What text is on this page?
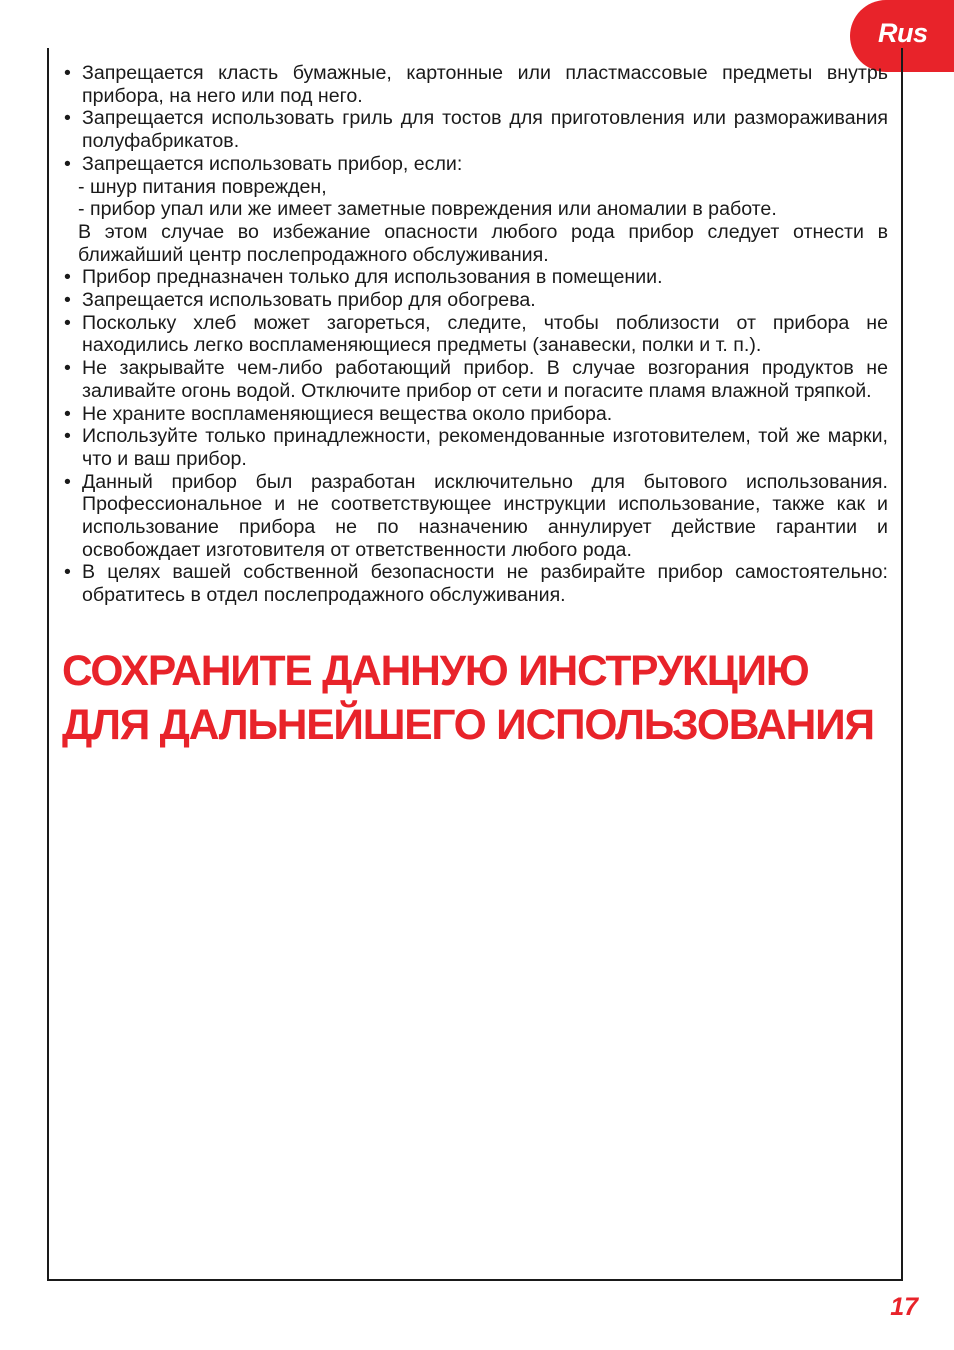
Rus
• Запрещается класть бумажные, картонные или пластмассовые предметы внутрь прибора, на него или под него.
• Запрещается использовать гриль для тостов для приготовления или размораживания полуфабрикатов.
• Запрещается использовать прибор, если:
- шнур питания поврежден,
- прибор упал или же имеет заметные повреждения или аномалии в работе.
В этом случае во избежание опасности любого рода прибор следует отнести в ближайший центр послепродажного обслуживания.
• Прибор предназначен только для использования в помещении.
• Запрещается использовать прибор для обогрева.
• Поскольку хлеб может загореться, следите, чтобы поблизости от прибора не находились легко воспламеняющиеся предметы (занавески, полки и т. п.).
• Не закрывайте чем-либо работающий прибор. В случае возгорания продуктов не заливайте огонь водой. Отключите прибор от сети и погасите пламя влажной тряпкой.
• Не храните воспламеняющиеся вещества около прибора.
• Используйте только принадлежности, рекомендованные изготовителем, той же марки, что и ваш прибор.
• Данный прибор был разработан исключительно для бытового использования. Профессиональное и не соответствующее инструкции использование, также как и использование прибора не по назначению аннулирует действие гарантии и освобождает изготовителя от ответственности любого рода.
• В целях вашей собственной безопасности не разбирайте прибор самостоятельно: обратитесь в отдел послепродажного обслуживания.
СОХРАНИТЕ ДАННУЮ ИНСТРУКЦИЮ
ДЛЯ ДАЛЬНЕЙШЕГО ИСПОЛЬЗОВАНИЯ
17
